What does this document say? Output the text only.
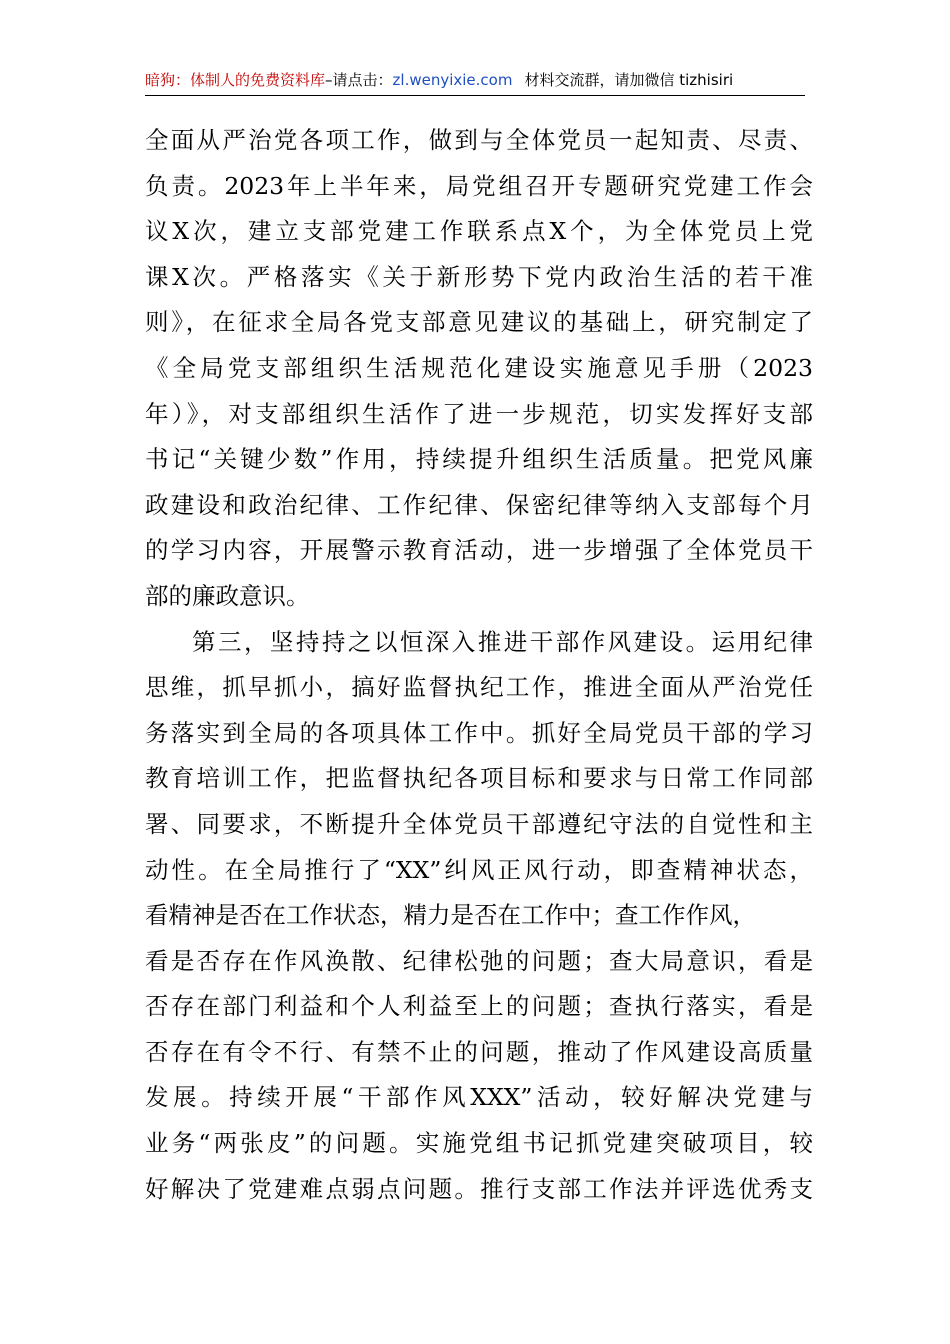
暗狗：体制人的免费资料库–请点击：zl.wenyixie.com 材料交流群，请加微信 tizhisiri
全面从严治党各项工作，做到与全体党员一起知责、尽责、
负责。2023年上半年来，局党组召开专题研究党建工作会
议X次，建立支部党建工作联系点X个，为全体党员上党
课X次。严格落实《关于新形势下党内政治生活的若干准
则》，在征求全局各党支部意见建议的基础上，研究制定了
《全局党支部组织生活规范化建设实施意见手册（2023
年）》，对支部组织生活作了进一步规范，切实发挥好支部
书记“关键少数”作用，持续提升组织生活质量。把党风廉
政建设和政治纪律、工作纪律、保密纪律等纳入支部每个月
的学习内容，开展警示教育活动，进一步增强了全体党员干
部的廉政意识。
第三，坚持持之以恒深入推进干部作风建设。运用纪律
思维，抓早抓小，搞好监督执纪工作，推进全面从严治党任
务落实到全局的各项具体工作中。抓好全局党员干部的学习
教育培训工作，把监督执纪各项目标和要求与日常工作同部
署、同要求，不断提升全体党员干部遵纪守法的自觉性和主
动性。在全局推行了“XX”纠风正风行动，即查精神状态，
看精神是否在工作状态，精力是否在工作中；查工作作风，
看是否存在作风涣散、纪律松弛的问题；查大局意识，看是
否存在部门利益和个人利益至上的问题；查执行落实，看是
否存在有令不行、有禁不止的问题，推动了作风建设高质量
发展。持续开展“干部作风XXX”活动，较好解决党建与
业务“两张皮”的问题。实施党组书记抓党建突破项目，较
好解决了党建难点弱点问题。推行支部工作法并评选优秀支
